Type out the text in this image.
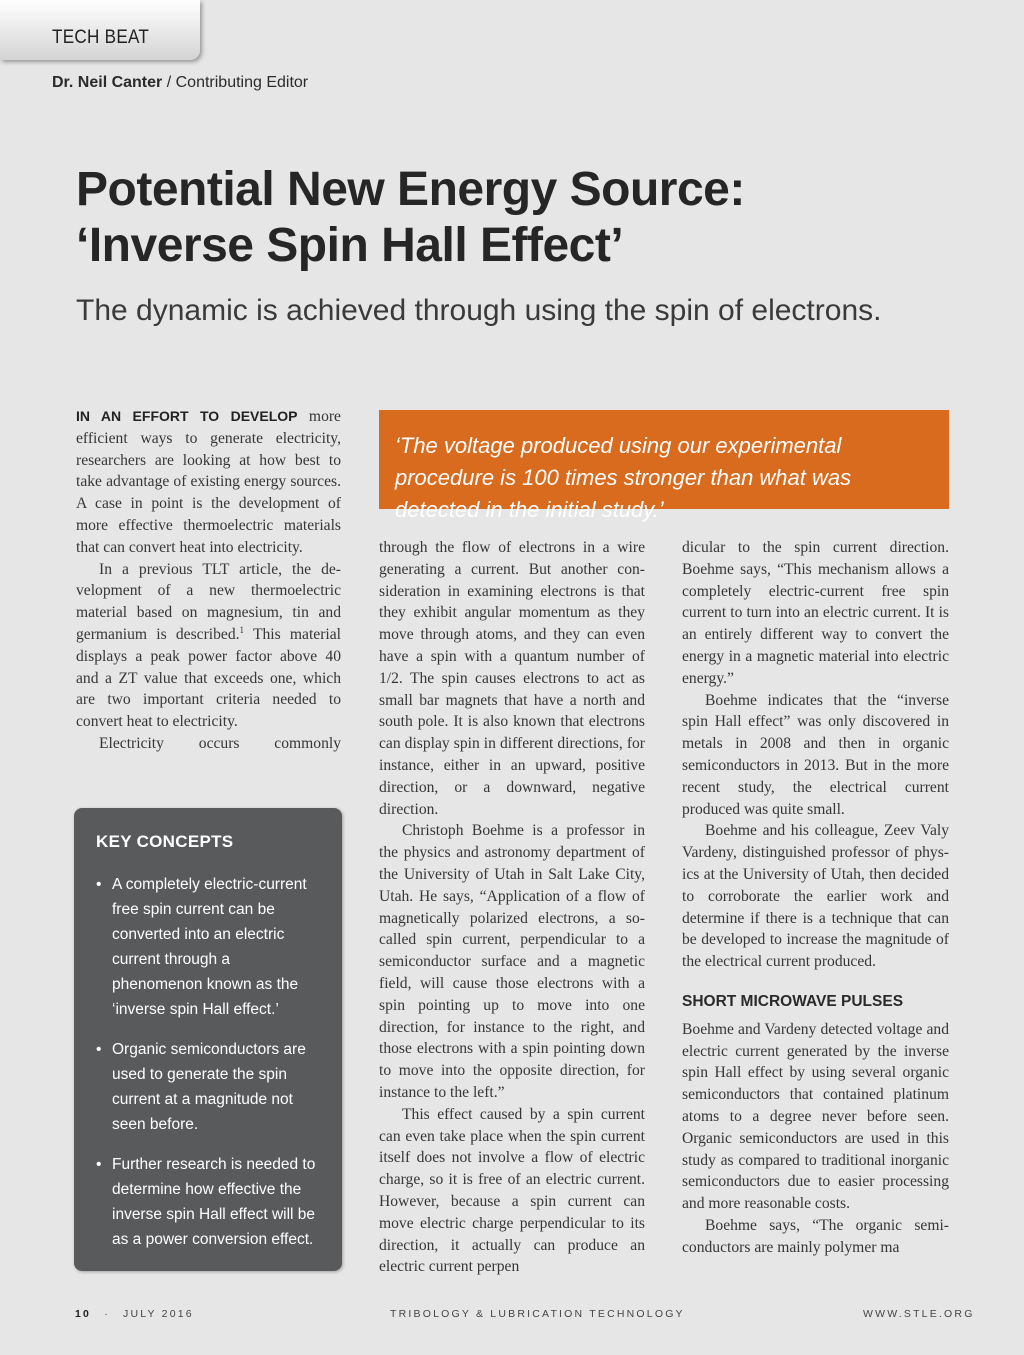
TECH BEAT
Dr. Neil Canter / Contributing Editor
Potential New Energy Source:
‘Inverse Spin Hall Effect’
The dynamic is achieved through using the spin of electrons.

IN AN EFFORT TO DEVELOP more efficient ways to generate electricity, researchers are looking at how best to take advantage of existing energy sources. A case in point is the development of more effective thermoelectric materials that can convert heat into electricity.

In a previous TLT article, the development of a new thermoelectric material based on magnesium, tin and germanium is described.$^1$ This material displays a peak power factor above 40 and a ZT value that exceeds one, which are two important criteria needed to convert heat to electricity.

Electricity occurs commonly

‘The voltage produced using our experimental procedure is 100 times stronger than what was detected in the initial study.’
KEY CONCEPTS
• A completely electric-current free spin current can be converted into an electric current through a phenomenon known as the ‘inverse spin Hall effect.’
• Organic semiconductors are used to generate the spin current at a magnitude not seen before.
• Further research is needed to determine how effective the inverse spin Hall effect will be as a power conversion effect.

through the flow of electrons in a wire generating a current. But another consideration in examining electrons is that they exhibit angular momentum as they move through atoms, and they can even have a spin with a quantum number of 1/2. The spin causes electrons to act as small bar magnets that have a north and south pole. It is also known that electrons can display spin in different directions, for instance, either in an upward, positive direction, or a downward, negative direction.

Christoph Boehme is a professor in the physics and astronomy department of the University of Utah in Salt Lake City, Utah. He says, “Application of a flow of magnetically polarized electrons, a so-called spin current, perpendicular to a semiconductor surface and a magnetic field, will cause those electrons with a spin pointing up to move into one direction, for instance to the right, and those electrons with a spin pointing down to move into the opposite direction, for instance to the left.”

This effect caused by a spin current can even take place when the spin current itself does not involve a flow of electric charge, so it is free of an electric current. However, because a spin current can move electric charge perpendicular to its direction, it actually can produce an electric current perpen

dicular to the spin current direction. Boehme says, “This mechanism allows a completely electric-current free spin current to turn into an electric current. It is an entirely different way to convert the energy in a magnetic material into electric energy.”

Boehme indicates that the “inverse spin Hall effect” was only discovered in metals in 2008 and then in organic semiconductors in 2013. But in the more recent study, the electrical current produced was quite small.

Boehme and his colleague, Zeev Valy Vardeny, distinguished professor of physics at the University of Utah, then decided to corroborate the earlier work and determine if there is a technique that can be developed to increase the magnitude of the electrical current produced.

SHORT MICROWAVE PULSES

Boehme and Vardeny detected voltage and electric current generated by the inverse spin Hall effect by using several organic semiconductors that contained platinum atoms to a degree never before seen. Organic semiconductors are used in this study as compared to traditional inorganic semiconductors due to easier processing and more reasonable costs.

Boehme says, “The organic semiconductors are mainly polymer ma

10 · JULY 2016	TRIBOLOGY & LUBRICATION TECHNOLOGY	WWW.STLE.ORG
